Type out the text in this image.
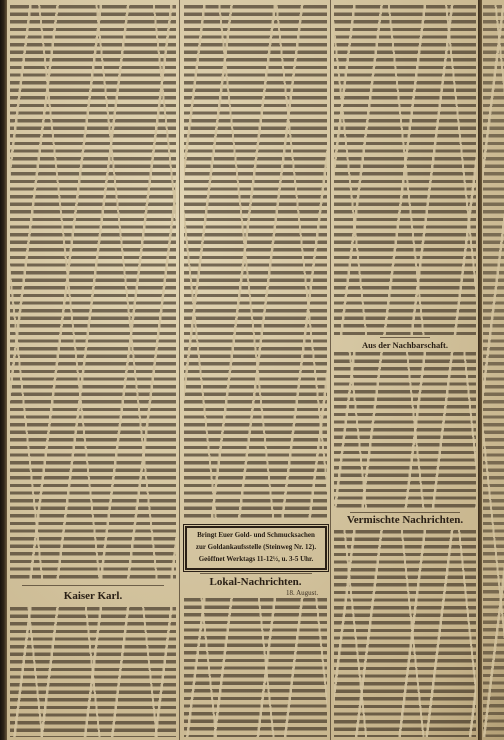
Kaiser Karl.
Bringt Euer Gold- und Schmucksachen
zur Goldankaufsstelle (Steinweg Nr. 12).
Geöffnet Werktags 11-12½, u. 3-5 Uhr.
Lokal-Nachrichten.
18. August.
Aus der Nachbarschaft.
Vermischte Nachrichten.
